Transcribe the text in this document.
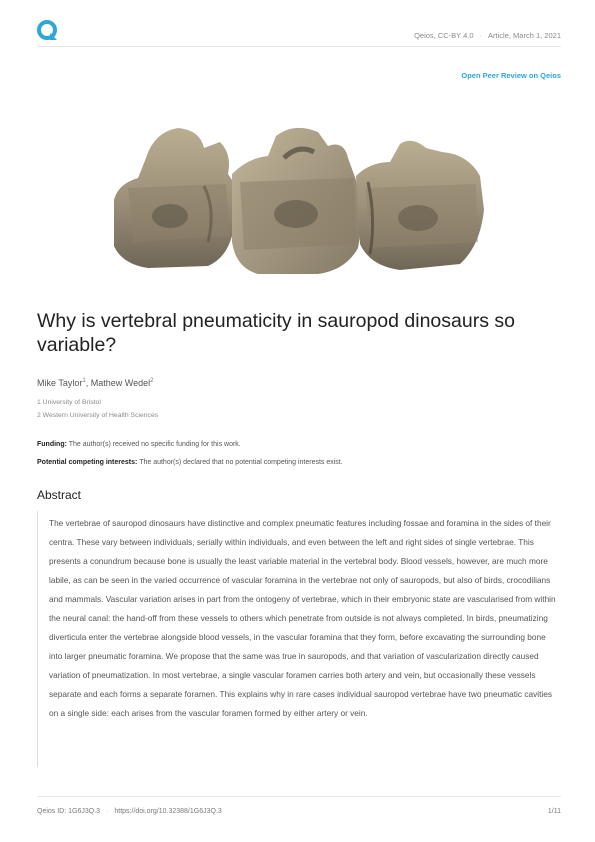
Qeios, CC-BY 4.0 · Article, March 1, 2021
Open Peer Review on Qeios
Why is vertebral pneumaticity in sauropod dinosaurs so variable?
Mike Taylor$^1$, Mathew Wedel$^2$
1 University of Bristol
2 Western University of Health Sciences
Funding: The author(s) received no specific funding for this work.
Potential competing interests: The author(s) declared that no potential competing interests exist.
Abstract

The vertebrae of sauropod dinosaurs have distinctive and complex pneumatic features including fossae and foramina in the sides of their centra. These vary between individuals, serially within individuals, and even between the left and right sides of single vertebrae. This presents a conundrum because bone is usually the least variable material in the vertebral body. Blood vessels, however, are much more labile, as can be seen in the varied occurrence of vascular foramina in the vertebrae not only of sauropods, but also of birds, crocodilians and mammals. Vascular variation arises in part from the ontogeny of vertebrae, which in their embryonic state are vascularised from within the neural canal: the hand-off from these vessels to others which penetrate from outside is not always completed. In birds, pneumatizing diverticula enter the vertebrae alongside blood vessels, in the vascular foramina that they form, before excavating the surrounding bone into larger pneumatic foramina. We propose that the same was true in sauropods, and that variation of vascularization directly caused variation of pneumatization. In most vertebrae, a single vascular foramen carries both artery and vein, but occasionally these vessels separate and each forms a separate foramen. This explains why in rare cases individual sauropod vertebrae have two pneumatic cavities on a single side: each arises from the vascular foramen formed by either artery or vein.

Qeios ID: 1G6J3Q.3 · https://doi.org/10.32388/1G6J3Q.3	1/11
